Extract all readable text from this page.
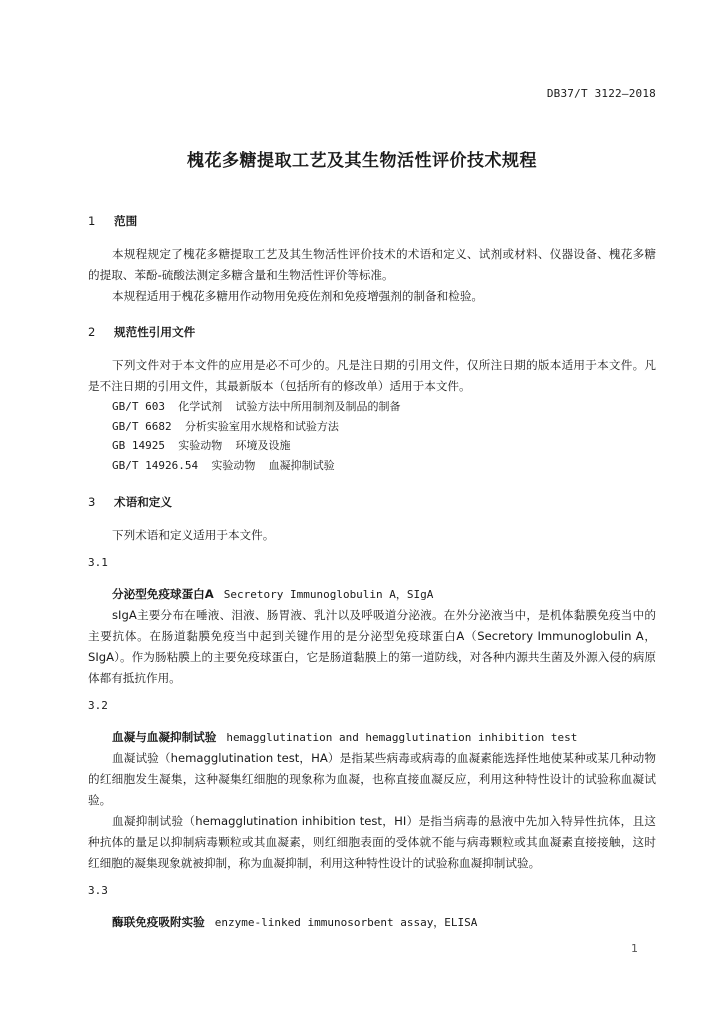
DB37/T 3122—2018
槐花多糖提取工艺及其生物活性评价技术规程

1 范围

本规程规定了槐花多糖提取工艺及其生物活性评价技术的术语和定义、试剂或材料、仪器设备、槐花多糖的提取、苯酚-硫酸法测定多糖含量和生物活性评价等标准。

本规程适用于槐花多糖用作动物用免疫佐剂和免疫增强剂的制备和检验。

2 规范性引用文件

下列文件对于本文件的应用是必不可少的。凡是注日期的引用文件，仅所注日期的版本适用于本文件。凡是不注日期的引用文件，其最新版本（包括所有的修改单）适用于本文件。

GB/T 603  化学试剂  试验方法中所用制剂及制品的制备

GB/T 6682  分析实验室用水规格和试验方法

GB 14925  实验动物  环境及设施

GB/T 14926.54  实验动物  血凝抑制试验

3 术语和定义

下列术语和定义适用于本文件。

3.1

分泌型免疫球蛋白A Secretory Immunoglobulin A，SIgA

sIgA主要分布在唾液、泪液、肠胃液、乳汁以及呼吸道分泌液。在外分泌液当中，是机体黏膜免疫当中的主要抗体。在肠道黏膜免疫当中起到关键作用的是分泌型免疫球蛋白A（Secretory Immunoglobulin A，SIgA）。作为肠粘膜上的主要免疫球蛋白，它是肠道黏膜上的第一道防线，对各种内源共生菌及外源入侵的病原体都有抵抗作用。

3.2

血凝与血凝抑制试验 hemagglutination and hemagglutination inhibition test

血凝试验（hemagglutination test，HA）是指某些病毒或病毒的血凝素能选择性地使某种或某几种动物的红细胞发生凝集，这种凝集红细胞的现象称为血凝，也称直接血凝反应，利用这种特性设计的试验称血凝试验。

血凝抑制试验（hemagglutination inhibition test，HI）是指当病毒的悬液中先加入特异性抗体，且这种抗体的量足以抑制病毒颗粒或其血凝素，则红细胞表面的受体就不能与病毒颗粒或其血凝素直接接触，这时红细胞的凝集现象就被抑制，称为血凝抑制，利用这种特性设计的试验称血凝抑制试验。

3.3

酶联免疫吸附实验 enzyme-linked immunosorbent assay，ELISA

1
